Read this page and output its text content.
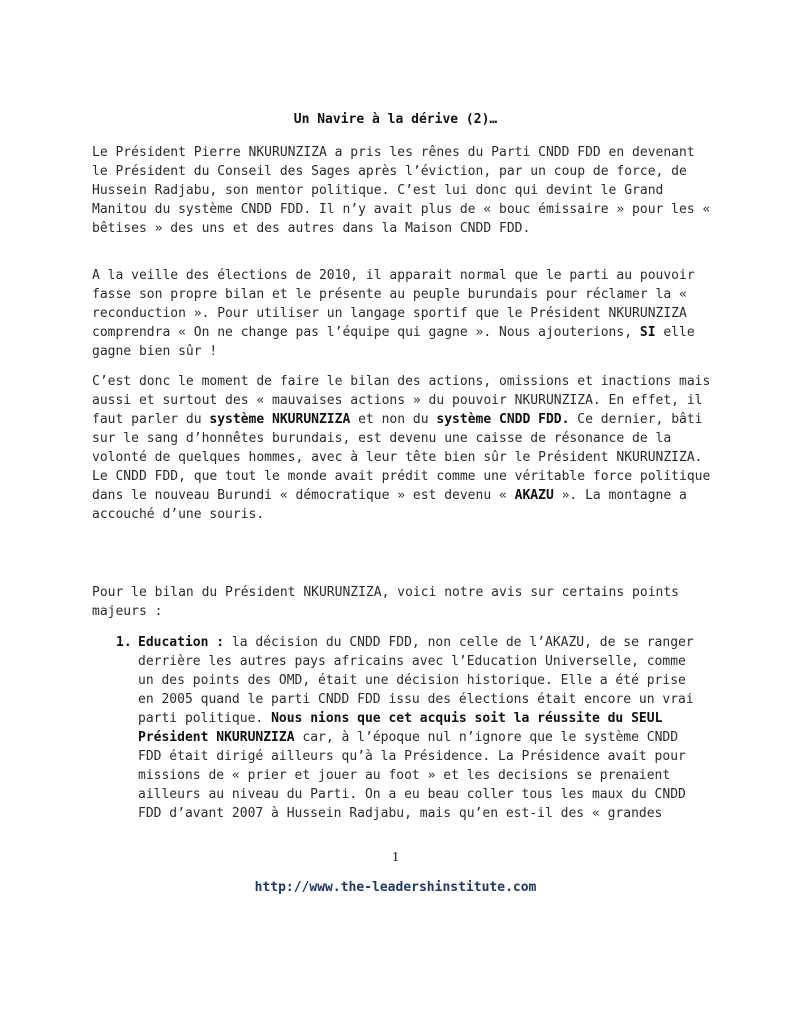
Un Navire à la dérive (2)…

Le Président Pierre NKURUNZIZA a pris les rênes du Parti CNDD FDD en devenant le Président du Conseil des Sages après l’éviction, par un coup de force, de Hussein Radjabu, son mentor politique. C’est lui donc qui devint le Grand Manitou du système CNDD FDD. Il n’y avait plus de « bouc émissaire » pour les « bêtises » des uns et des autres dans la Maison CNDD FDD.

A la veille des élections de 2010, il apparait normal que le parti au pouvoir fasse son propre bilan et le présente au peuple burundais pour réclamer la « reconduction ». Pour utiliser un langage sportif que le Président NKURUNZIZA comprendra « On ne change pas l’équipe qui gagne ». Nous ajouterions, SI elle gagne bien sûr !

C’est donc le moment de faire le bilan des actions, omissions et inactions mais aussi et surtout des « mauvaises actions » du pouvoir NKURUNZIZA. En effet, il faut parler du système NKURUNZIZA et non du système CNDD FDD. Ce dernier, bâti sur le sang d’honnêtes burundais, est devenu une caisse de résonance de la volonté de quelques hommes, avec à leur tête bien sûr le Président NKURUNZIZA. Le CNDD FDD, que tout le monde avait prédit comme une véritable force politique dans le nouveau Burundi « démocratique » est devenu « AKAZU ». La montagne a accouché d’une souris.

Pour le bilan du Président NKURUNZIZA, voici notre avis sur certains points majeurs :

1. Education : la décision du CNDD FDD, non celle de l’AKAZU, de se ranger derrière les autres pays africains avec l’Education Universelle, comme un des points des OMD, était une décision historique. Elle a été prise en 2005 quand le parti CNDD FDD issu des élections était encore un vrai parti politique. Nous nions que cet acquis soit la réussite du SEUL Président NKURUNZIZA car, à l’époque nul n’ignore que le système CNDD FDD était dirigé ailleurs qu’à la Présidence. La Présidence avait pour missions de « prier et jouer au foot » et les decisions se prenaient ailleurs au niveau du Parti. On a eu beau coller tous les maux du CNDD FDD d’avant 2007 à Hussein Radjabu, mais qu’en est-il des « grandes
1
http://www.the-leadershinstitute.com
